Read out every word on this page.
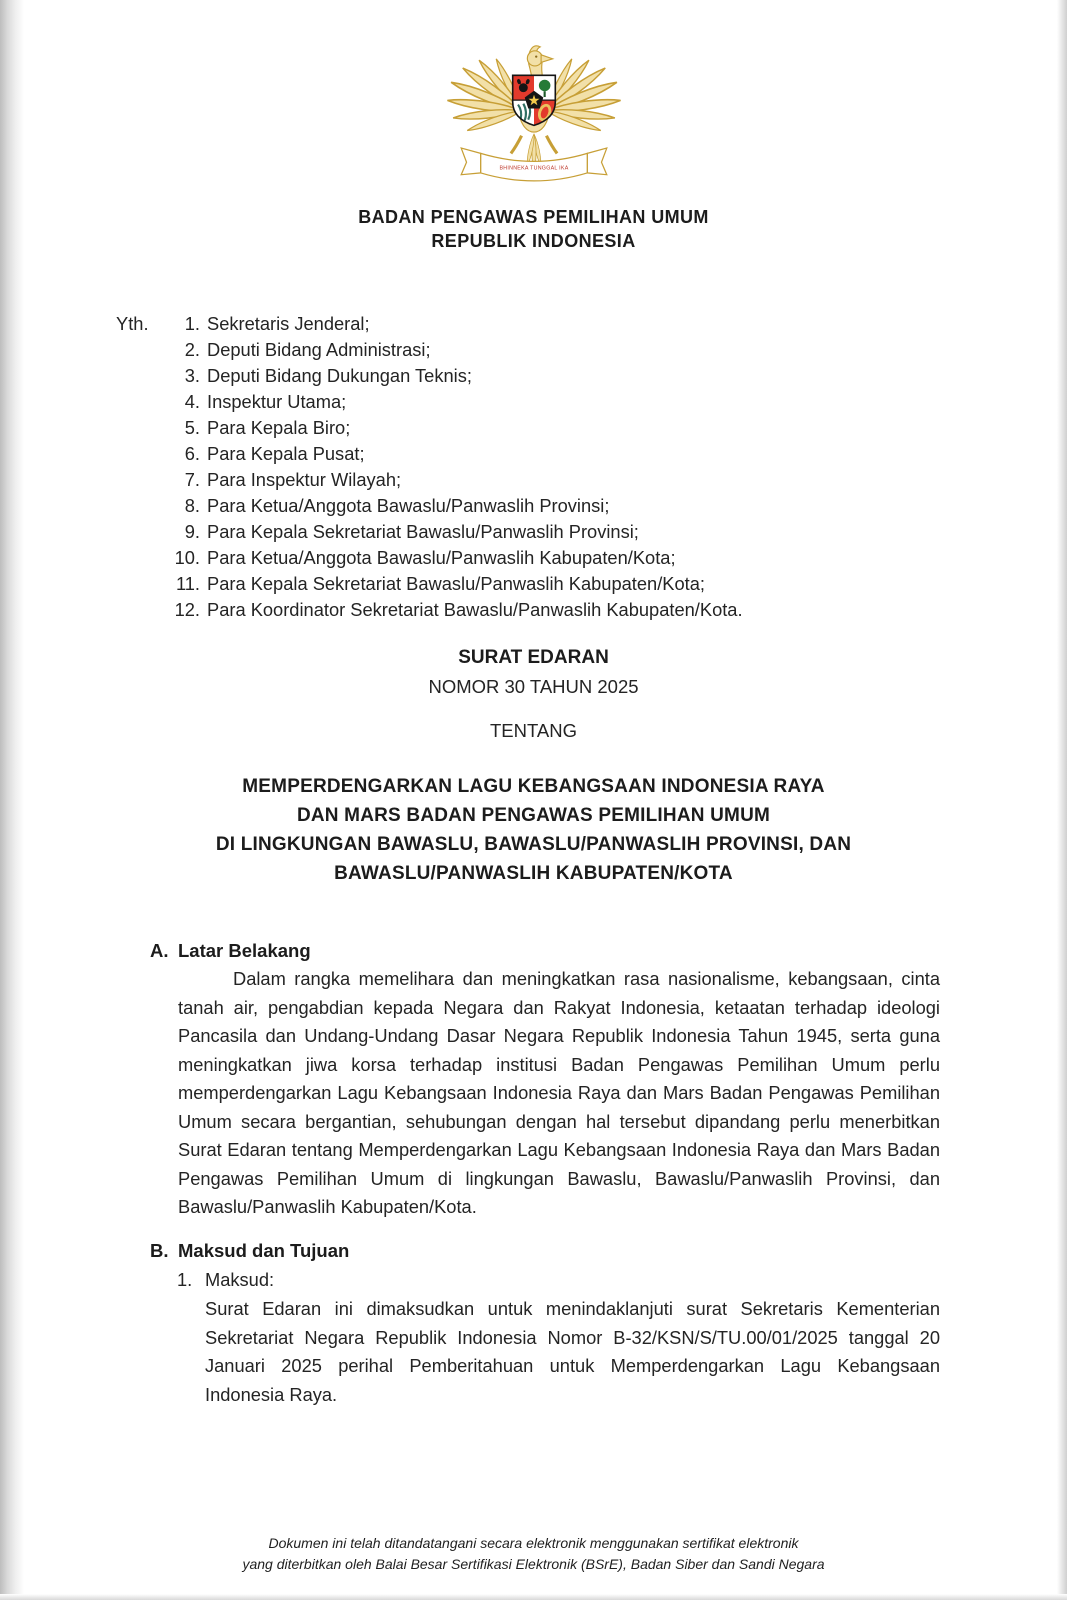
BHINNEKA TUNGGAL IKA
BADAN PENGAWAS PEMILIHAN UMUM
REPUBLIK INDONESIA
Yth.	1. Sekretaris Jenderal;
2. Deputi Bidang Administrasi;
3. Deputi Bidang Dukungan Teknis;
4. Inspektur Utama;
5. Para Kepala Biro;
6. Para Kepala Pusat;
7. Para Inspektur Wilayah;
8. Para Ketua/Anggota Bawaslu/Panwaslih Provinsi;
9. Para Kepala Sekretariat Bawaslu/Panwaslih Provinsi;
10. Para Ketua/Anggota Bawaslu/Panwaslih Kabupaten/Kota;
11. Para Kepala Sekretariat Bawaslu/Panwaslih Kabupaten/Kota;
12. Para Koordinator Sekretariat Bawaslu/Panwaslih Kabupaten/Kota.
SURAT EDARAN
NOMOR 30 TAHUN 2025
TENTANG
MEMPERDENGARKAN LAGU KEBANGSAAN INDONESIA RAYA
DAN MARS BADAN PENGAWAS PEMILIHAN UMUM
DI LINGKUNGAN BAWASLU, BAWASLU/PANWASLIH PROVINSI, DAN
BAWASLU/PANWASLIH KABUPATEN/KOTA
A. Latar Belakang
Dalam rangka memelihara dan meningkatkan rasa nasionalisme, kebangsaan, cinta tanah air, pengabdian kepada Negara dan Rakyat Indonesia, ketaatan terhadap ideologi Pancasila dan Undang-Undang Dasar Negara Republik Indonesia Tahun 1945, serta guna meningkatkan jiwa korsa terhadap institusi Badan Pengawas Pemilihan Umum perlu memperdengarkan Lagu Kebangsaan Indonesia Raya dan Mars Badan Pengawas Pemilihan Umum secara bergantian, sehubungan dengan hal tersebut dipandang perlu menerbitkan Surat Edaran tentang Memperdengarkan Lagu Kebangsaan Indonesia Raya dan Mars Badan Pengawas Pemilihan Umum di lingkungan Bawaslu, Bawaslu/Panwaslih Provinsi, dan Bawaslu/Panwaslih Kabupaten/Kota.
B. Maksud dan Tujuan
1. Maksud:
Surat Edaran ini dimaksudkan untuk menindaklanjuti surat Sekretaris Kementerian Sekretariat Negara Republik Indonesia Nomor B-32/KSN/S/TU.00/01/2025 tanggal 20 Januari 2025 perihal Pemberitahuan untuk Memperdengarkan Lagu Kebangsaan Indonesia Raya.
Dokumen ini telah ditandatangani secara elektronik menggunakan sertifikat elektronik
yang diterbitkan oleh Balai Besar Sertifikasi Elektronik (BSrE), Badan Siber dan Sandi Negara
